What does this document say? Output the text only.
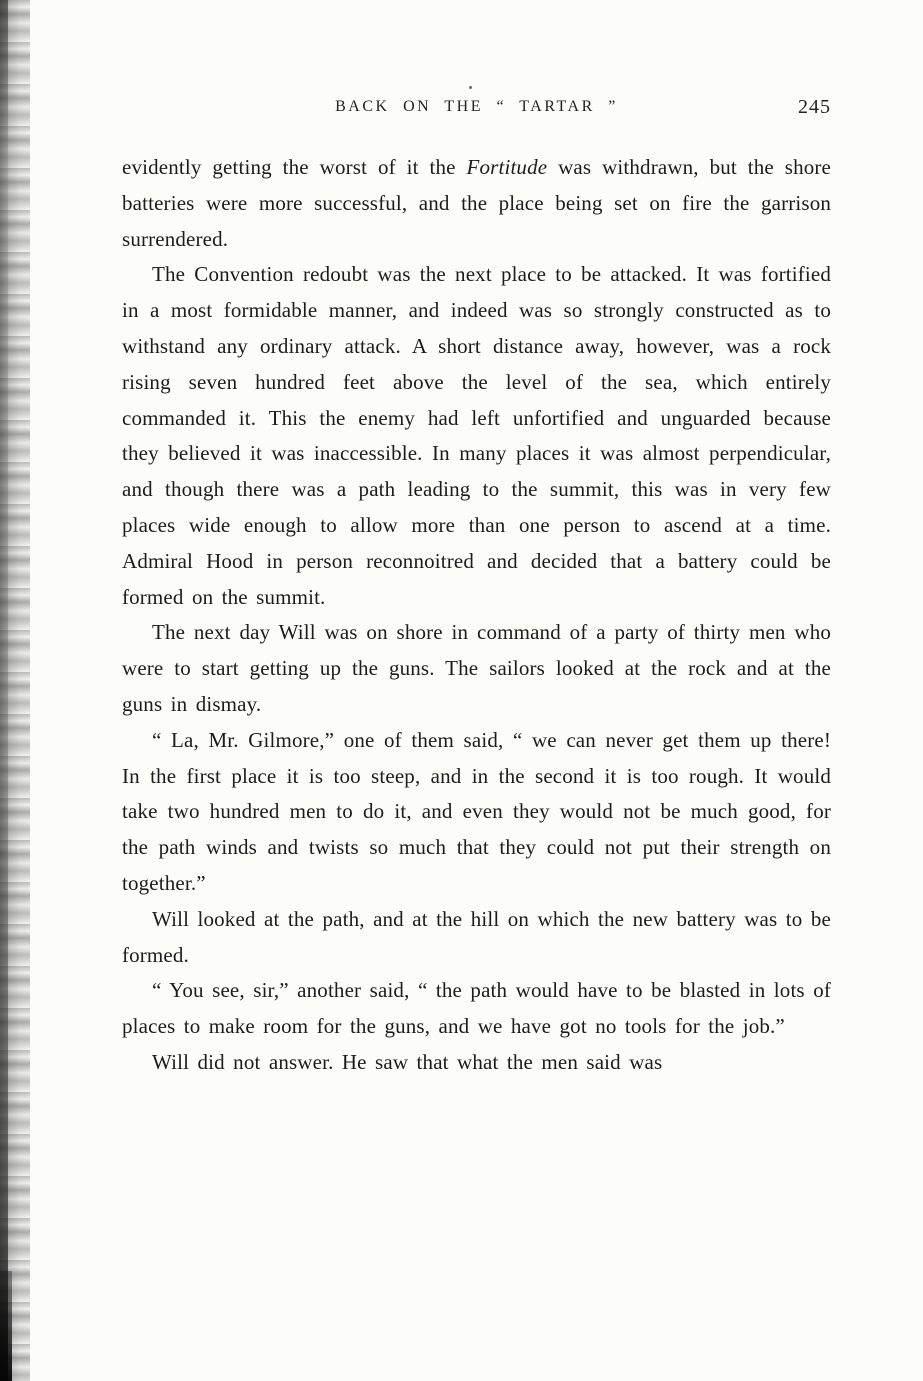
BACK ON THE “ TARTAR ”	245

evidently getting the worst of it the Fortitude was withdrawn, but the shore batteries were more successful, and the place being set on fire the garrison surrendered.

The Convention redoubt was the next place to be attacked. It was fortified in a most formidable manner, and indeed was so strongly constructed as to withstand any ordinary attack. A short distance away, however, was a rock rising seven hundred feet above the level of the sea, which entirely commanded it. This the enemy had left unfortified and unguarded because they believed it was inaccessible. In many places it was almost perpendicular, and though there was a path leading to the summit, this was in very few places wide enough to allow more than one person to ascend at a time. Admiral Hood in person reconnoitred and decided that a battery could be formed on the summit.

The next day Will was on shore in command of a party of thirty men who were to start getting up the guns. The sailors looked at the rock and at the guns in dismay.

“ La, Mr. Gilmore,” one of them said, “ we can never get them up there! In the first place it is too steep, and in the second it is too rough. It would take two hundred men to do it, and even they would not be much good, for the path winds and twists so much that they could not put their strength on together.”

Will looked at the path, and at the hill on which the new battery was to be formed.

“ You see, sir,” another said, “ the path would have to be blasted in lots of places to make room for the guns, and we have got no tools for the job.”

Will did not answer. He saw that what the men said was
